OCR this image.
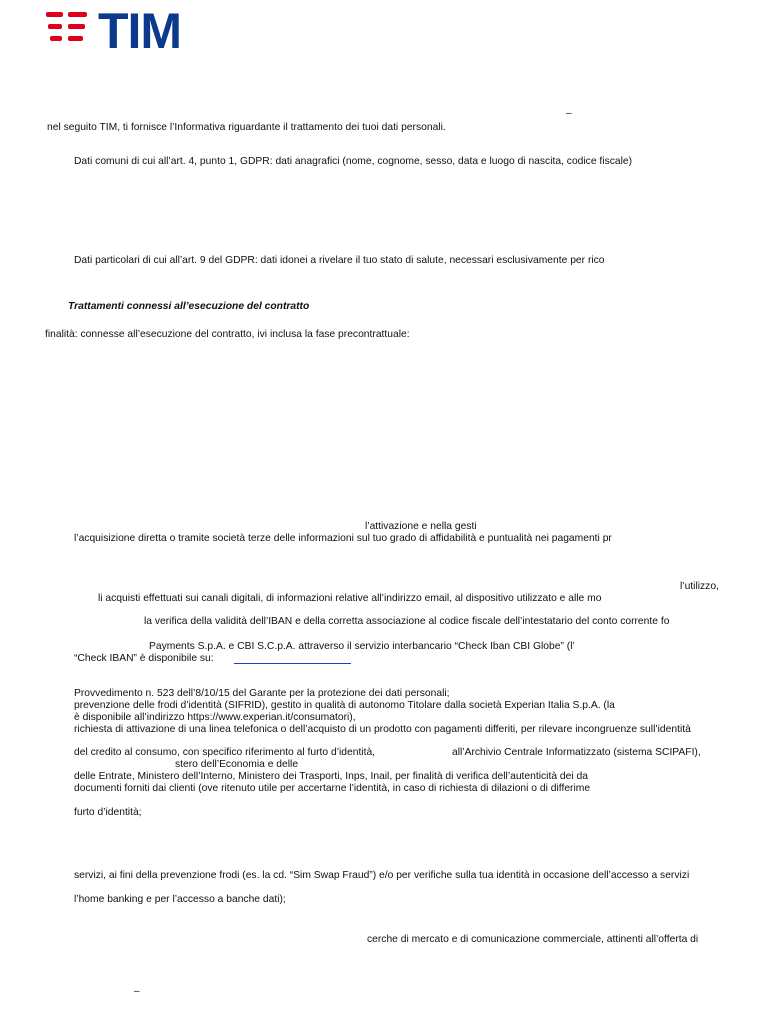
TIM
–
nel seguito TIM, ti fornisce l’Informativa riguardante il trattamento dei tuoi dati personali.
Dati comuni di cui all’art. 4, punto 1, GDPR: dati anagrafici (nome, cognome, sesso, data e luogo di nascita, codice fiscale)
Dati particolari di cui all’art. 9 del GDPR: dati idonei a rivelare il tuo stato di salute, necessari esclusivamente per rico
Trattamenti connessi all’esecuzione del contratto
finalità: connesse all’esecuzione del contratto, ivi inclusa la fase precontrattuale:
l’attivazione e nella gesti
l’acquisizione diretta o tramite società terze delle informazioni sul tuo grado di affidabilità e puntualità nei pagamenti pr
l’utilizzo,
li acquisti effettuati sui canali digitali, di informazioni relative all’indirizzo email, al dispositivo utilizzato e alle mo
la verifica della validità dell’IBAN e della corretta associazione al codice fiscale dell’intestatario del conto corrente fo
Payments S.p.A. e CBI S.C.p.A. attraverso il servizio interbancario “Check Iban CBI Globe” (l’
“Check IBAN” è disponibile su:
Provvedimento n. 523 dell’8/10/15 del Garante per la protezione dei dati personali;
prevenzione delle frodi d’identità (SIFRID), gestito in qualità di autonomo Titolare dalla società Experian Italia S.p.A. (la
è disponibile all’indirizzo https://www.experian.it/consumatori),
richiesta di attivazione di una linea telefonica o dell’acquisto di un prodotto con pagamenti differiti, per rilevare incongruenze sull’identità
del credito al consumo, con specifico riferimento al furto d’identità,	all’Archivio Centrale Informatizzato (sistema SCIPAFI),
stero dell’Economia e delle
delle Entrate, Ministero dell’Interno, Ministero dei Trasporti, Inps, Inail, per finalità di verifica dell’autenticità dei da
documenti forniti dai clienti (ove ritenuto utile per accertarne l’identità, in caso di richiesta di dilazioni o di differime
furto d’identità;
servizi, ai fini della prevenzione frodi (es. la cd. “Sim Swap Fraud”) e/o per verifiche sulla tua identità in occasione dell’accesso a servizi
l’home banking e per l’accesso a banche dati);
cerche di mercato e di comunicazione commerciale, attinenti all’offerta di
–
